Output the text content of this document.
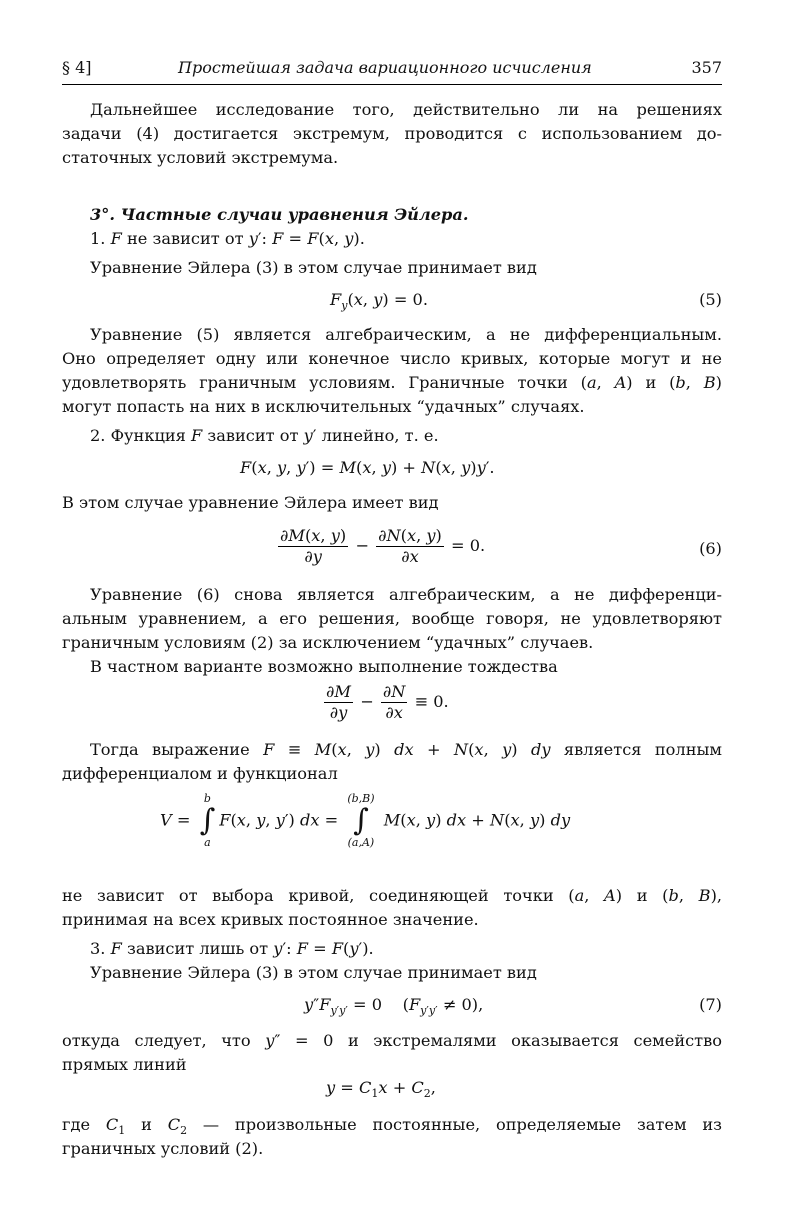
§ 4]	Простейшая задача вариационного исчисления	357
Дальнейшее исследование того, действительно ли на решениях
задачи (4) достигается экстремум, проводится с использованием до-
статочных условий экстремума.
3°. Частные случаи уравнения Эйлера.
1. F не зависит от y′: F = F(x, y).
Уравнение Эйлера (3) в этом случае принимает вид
$F_y(x$, y) = 0.	(5)
Уравнение (5) является алгебраическим, а не дифференциальным.
Оно определяет одну или конечное число кривых, которые могут и не
удовлетворять граничным условиям. Граничные точки (a, A) и (b, B)
могут попасть на них в исключительных “удачных” случаях.
2. Функция F зависит от y′ линейно, т. е.
F(x, y, y′) = M(x, y) + N(x, y)y′.
В этом случае уравнение Эйлера имеет вид
$\frac{\partial M(x, y)}{\partial y} - \frac{\partial N(x, y)}{\partial x} = 0$.	(6)
Уравнение (6) снова является алгебраическим, а не дифференци-
альным уравнением, а его решения, вообще говоря, не удовлетворяют
граничным условиям (2) за исключением “удачных” случаев.
В частном варианте возможно выполнение тождества
$\frac{\partial M}{\partial y} - \frac{\partial N}{\partial x} \equiv 0$.
Тогда выражение F ≡ M(x, y) dx + N(x, y) dy является полным
дифференциалом и функционал
V =
b
∫
a
F(x, y, y′) dx =
(b,B)
∫
(a,A)
M(x, y) dx + N(x, y) dy
не зависит от выбора кривой, соединяющей точки (a, A) и (b, B),
принимая на всех кривых постоянное значение.
3. F зависит лишь от y′: F = F(y′).
Уравнение Эйлера (3) в этом случае принимает вид
$y''F_{y'y'} = 0$    $(F_{y'y'} \ne 0)$,	(7)
откуда следует, что y″ = 0 и экстремалями оказывается семейство
прямых линий
$y = C_1x + C_2$,
где $C_1$ и $C_2$ — произвольные постоянные, определяемые затем из
граничных условий (2).
